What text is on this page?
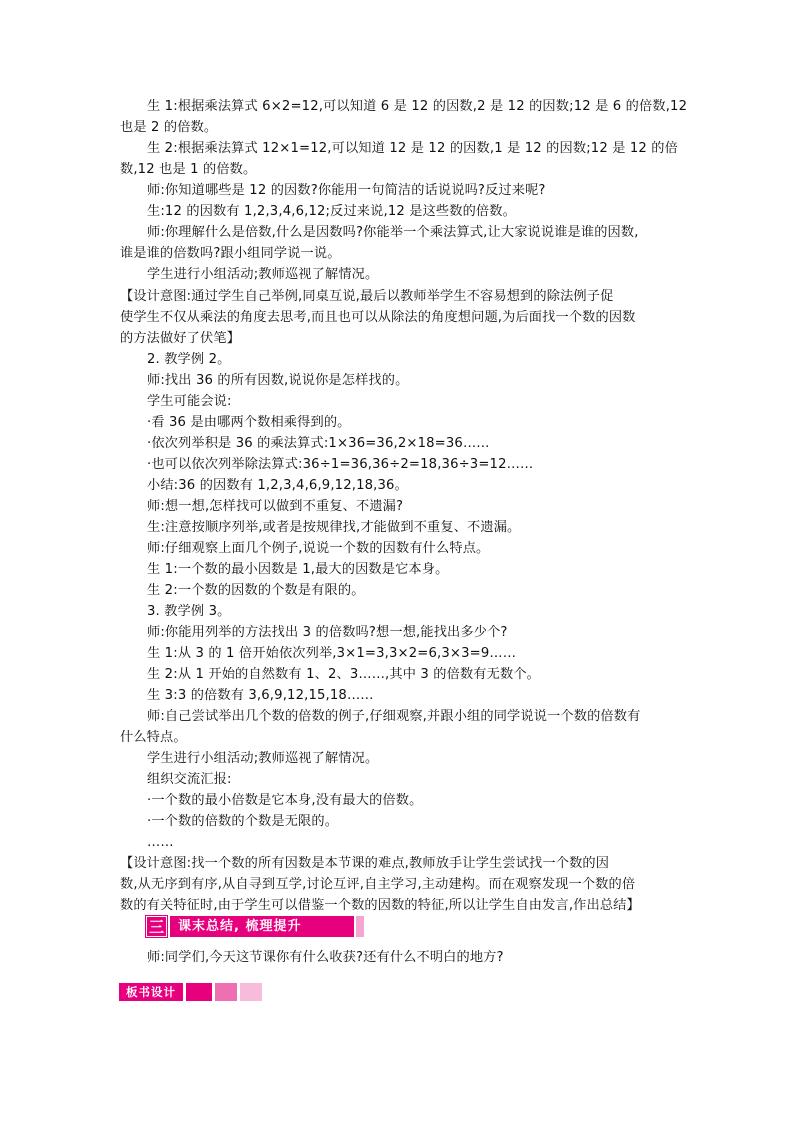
生 1:根据乘法算式 6×2=12,可以知道 6 是 12 的因数,2 是 12 的因数;12 是 6 的倍数,12
也是 2 的倍数。
生 2:根据乘法算式 12×1=12,可以知道 12 是 12 的因数,1 是 12 的因数;12 是 12 的倍
数,12 也是 1 的倍数。
师:你知道哪些是 12 的因数?你能用一句简洁的话说说吗?反过来呢?
生:12 的因数有 1,2,3,4,6,12;反过来说,12 是这些数的倍数。
师:你理解什么是倍数,什么是因数吗?你能举一个乘法算式,让大家说说谁是谁的因数,
谁是谁的倍数吗?跟小组同学说一说。
学生进行小组活动;教师巡视了解情况。
【设计意图:通过学生自己举例,同桌互说,最后以教师举学生不容易想到的除法例子促
使学生不仅从乘法的角度去思考,而且也可以从除法的角度想问题,为后面找一个数的因数
的方法做好了伏笔】
2. 教学例 2。
师:找出 36 的所有因数,说说你是怎样找的。
学生可能会说:
·看 36 是由哪两个数相乘得到的。
·依次列举积是 36 的乘法算式:1×36=36,2×18=36……
·也可以依次列举除法算式:36÷1=36,36÷2=18,36÷3=12……
小结:36 的因数有 1,2,3,4,6,9,12,18,36。
师:想一想,怎样找可以做到不重复、不遗漏?
生:注意按顺序列举,或者是按规律找,才能做到不重复、不遗漏。
师:仔细观察上面几个例子,说说一个数的因数有什么特点。
生 1:一个数的最小因数是 1,最大的因数是它本身。
生 2:一个数的因数的个数是有限的。
3. 教学例 3。
师:你能用列举的方法找出 3 的倍数吗?想一想,能找出多少个?
生 1:从 3 的 1 倍开始依次列举,3×1=3,3×2=6,3×3=9……
生 2:从 1 开始的自然数有 1、2、3……,其中 3 的倍数有无数个。
生 3:3 的倍数有 3,6,9,12,15,18……
师:自己尝试举出几个数的倍数的例子,仔细观察,并跟小组的同学说说一个数的倍数有
什么特点。
学生进行小组活动;教师巡视了解情况。
组织交流汇报:
·一个数的最小倍数是它本身,没有最大的倍数。
·一个数的倍数的个数是无限的。
……
【设计意图:找一个数的所有因数是本节课的难点,教师放手让学生尝试找一个数的因
数,从无序到有序,从自寻到互学,讨论互评,自主学习,主动建构。而在观察发现一个数的倍
数的有关特征时,由于学生可以借鉴一个数的因数的特征,所以让学生自由发言,作出总结】
三	课末总结, 梳理提升
师:同学们,今天这节课你有什么收获?还有什么不明白的地方?
板书设计
